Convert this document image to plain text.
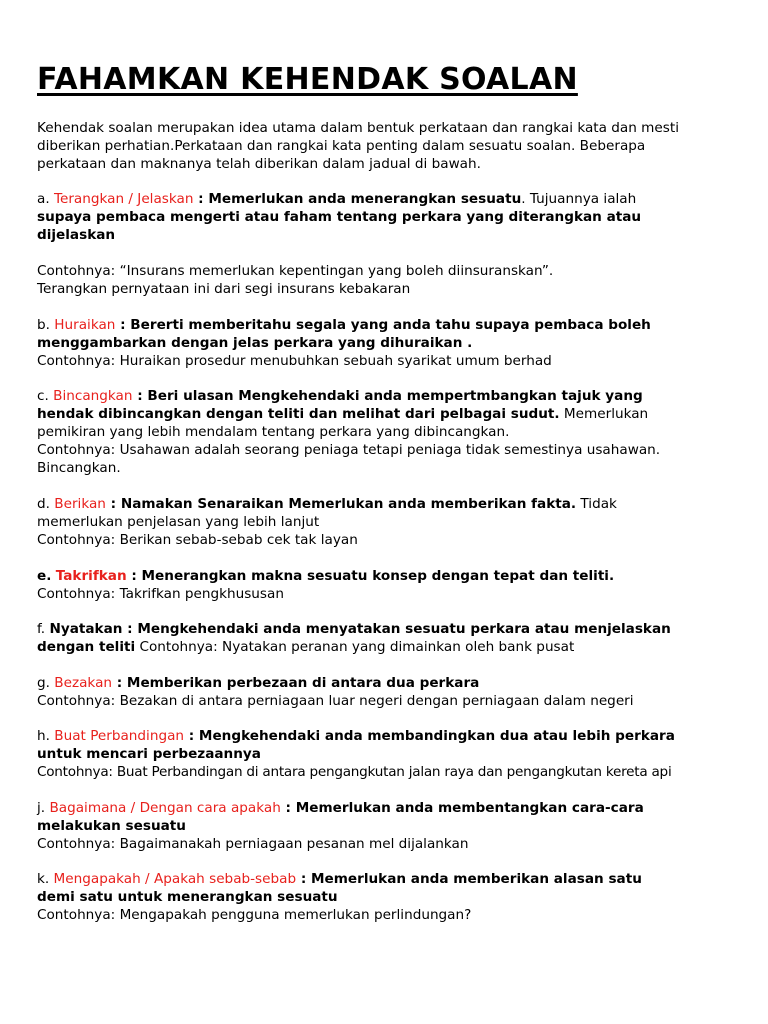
FAHAMKAN KEHENDAK SOALAN

Kehendak soalan merupakan idea utama dalam bentuk perkataan dan rangkai kata dan mesti
diberikan perhatian.Perkataan dan rangkai kata penting dalam sesuatu soalan. Beberapa
perkataan dan maknanya telah diberikan dalam jadual di bawah.

a. Terangkan / Jelaskan : Memerlukan anda menerangkan sesuatu. Tujuannya ialah
supaya pembaca mengerti atau faham tentang perkara yang diterangkan atau
dijelaskan
Contohnya: “Insurans memerlukan kepentingan yang boleh diinsuranskan”.
Terangkan pernyataan ini dari segi insurans kebakaran
b. Huraikan : Bererti memberitahu segala yang anda tahu supaya pembaca boleh
menggambarkan dengan jelas perkara yang dihuraikan .
Contohnya: Huraikan prosedur menubuhkan sebuah syarikat umum berhad
c. Bincangkan : Beri ulasan Mengkehendaki anda mempertmbangkan tajuk yang
hendak dibincangkan dengan teliti dan melihat dari pelbagai sudut. Memerlukan
pemikiran yang lebih mendalam tentang perkara yang dibincangkan.
Contohnya: Usahawan adalah seorang peniaga tetapi peniaga tidak semestinya usahawan.
Bincangkan.
d. Berikan : Namakan Senaraikan Memerlukan anda memberikan fakta. Tidak
memerlukan penjelasan yang lebih lanjut
Contohnya: Berikan sebab-sebab cek tak layan
e. Takrifkan : Menerangkan makna sesuatu konsep dengan tepat dan teliti.
Contohnya: Takrifkan pengkhususan
f. Nyatakan : Mengkehendaki anda menyatakan sesuatu perkara atau menjelaskan
dengan teliti Contohnya: Nyatakan peranan yang dimainkan oleh bank pusat
g. Bezakan : Memberikan perbezaan di antara dua perkara
Contohnya: Bezakan di antara perniagaan luar negeri dengan perniagaan dalam negeri
h. Buat Perbandingan : Mengkehendaki anda membandingkan dua atau lebih perkara
untuk mencari perbezaannya
Contohnya: Buat Perbandingan di antara pengangkutan jalan raya dan pengangkutan kereta api
j. Bagaimana / Dengan cara apakah : Memerlukan anda membentangkan cara-cara
melakukan sesuatu
Contohnya: Bagaimanakah perniagaan pesanan mel dijalankan
k. Mengapakah / Apakah sebab-sebab : Memerlukan anda memberikan alasan satu
demi satu untuk menerangkan sesuatu
Contohnya: Mengapakah pengguna memerlukan perlindungan?
